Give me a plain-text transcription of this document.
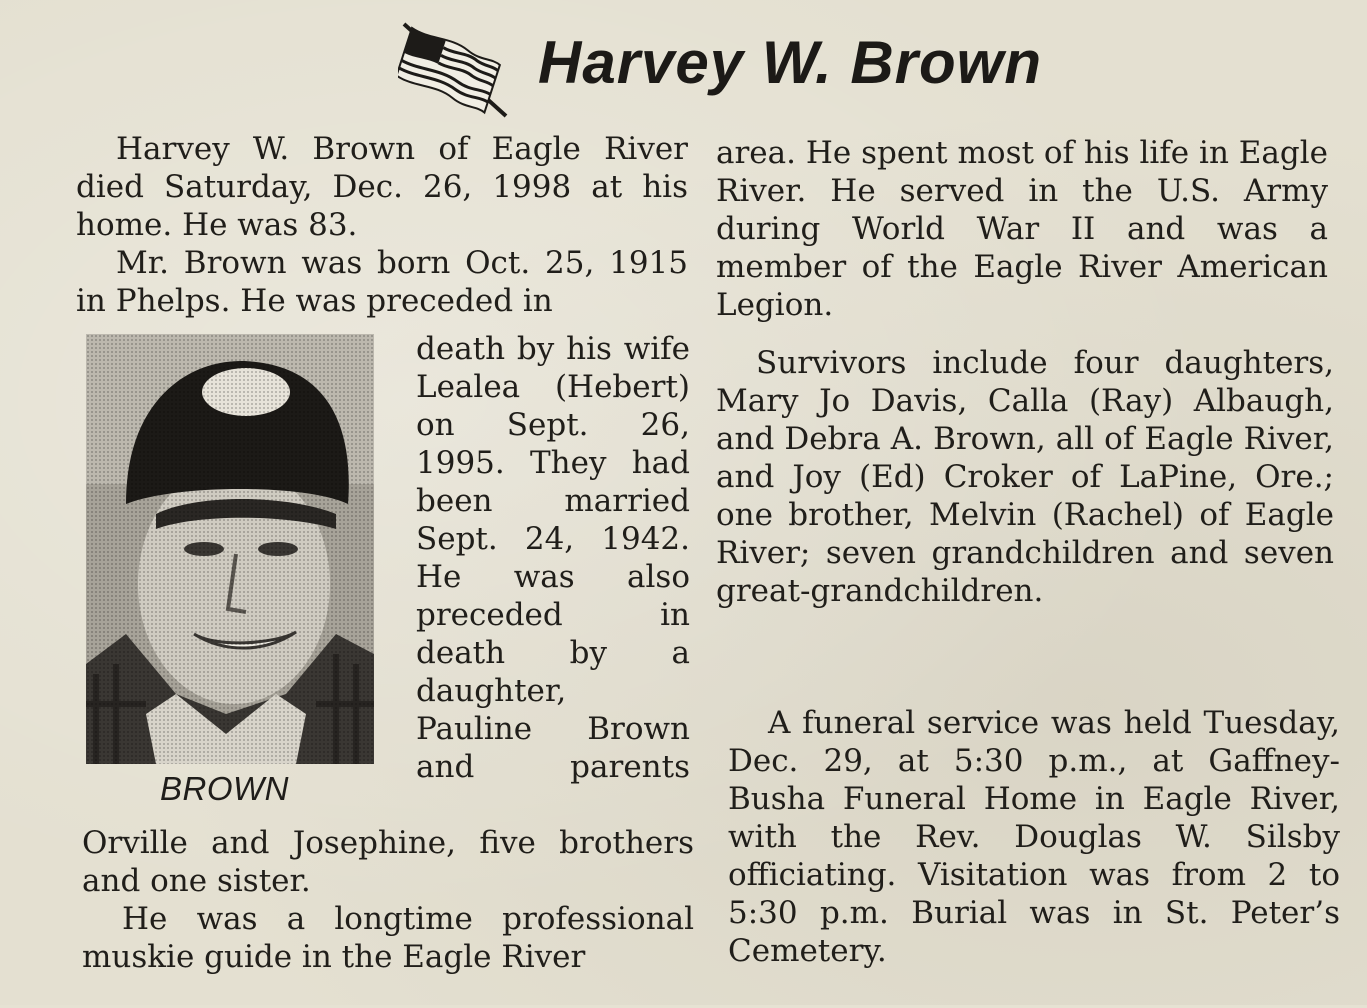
Harvey W. Brown

Harvey W. Brown of Eagle River died Saturday, Dec. 26, 1998 at his home. He was 83.

Mr. Brown was born Oct. 25, 1915 in Phelps. He was preceded in

BROWN

death by his wife Lealea (Hebert) on Sept. 26, 1995. They had been married Sept. 24, 1942. He was also preceded in death by a daughter, Pauline Brown and parents

Orville and Josephine, five brothers and one sister.

He was a longtime professional muskie guide in the Eagle River

area. He spent most of his life in Eagle River. He served in the U.S. Army during World War II and was a member of the Eagle River American Legion.

Survivors include four daughters, Mary Jo Davis, Calla (Ray) Albaugh, and Debra A. Brown, all of Eagle River, and Joy (Ed) Croker of LaPine, Ore.; one brother, Melvin (Rachel) of Eagle River; seven grandchildren and seven great-grandchildren.

A funeral service was held Tuesday, Dec. 29, at 5:30 p.m., at Gaffney-Busha Funeral Home in Eagle River, with the Rev. Douglas W. Silsby officiating. Visitation was from 2 to 5:30 p.m. Burial was in St. Peter’s Cemetery.
